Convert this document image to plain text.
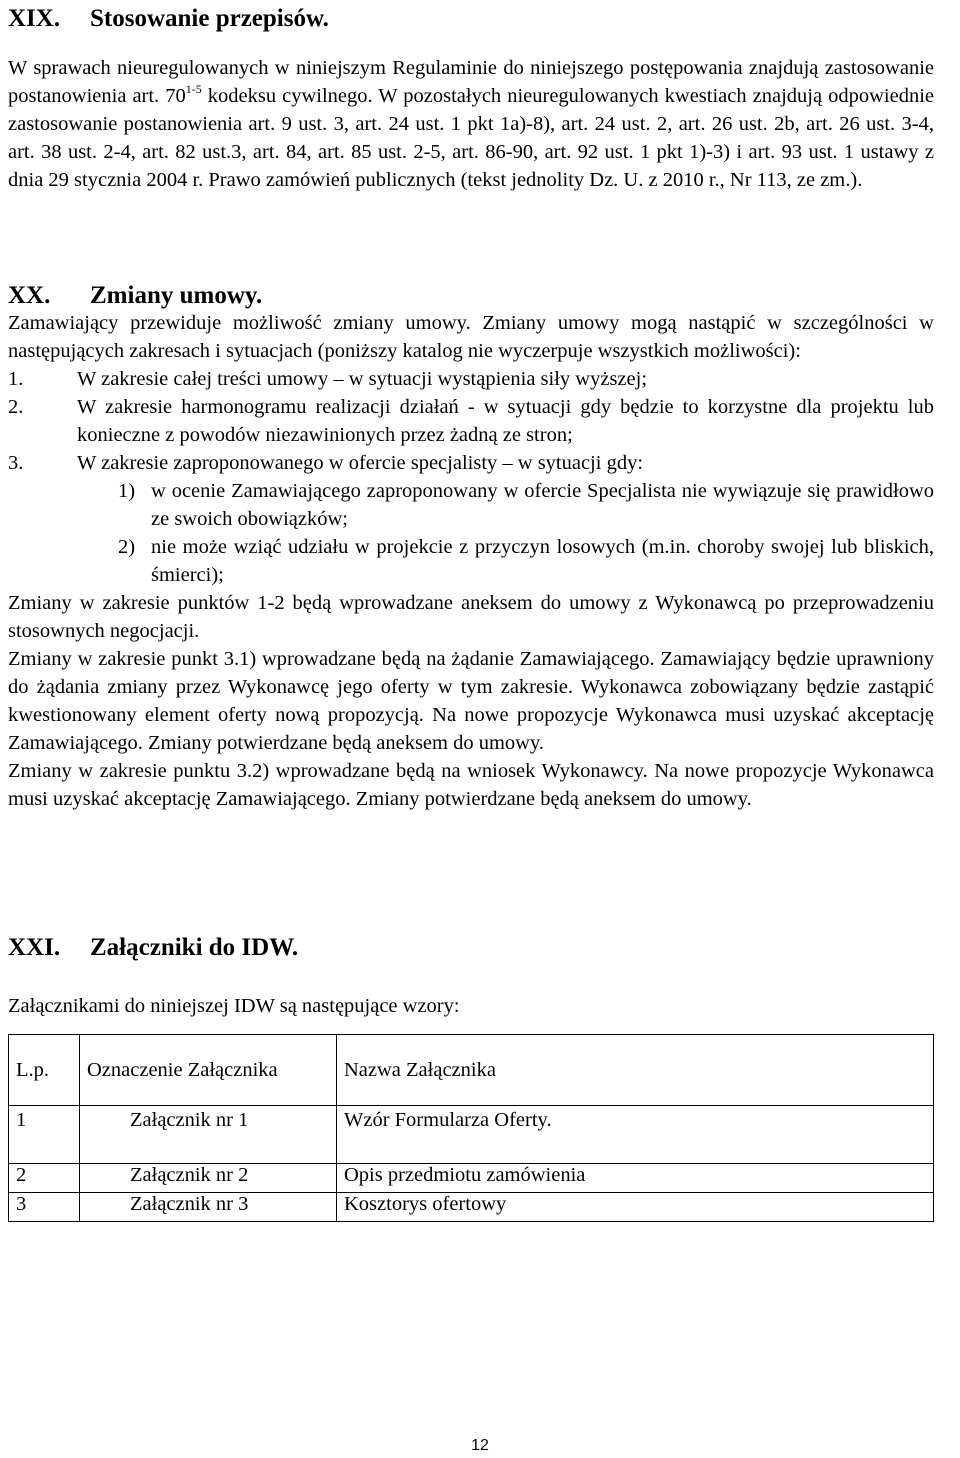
XIX. Stosowanie przepisów.

W sprawach nieuregulowanych w niniejszym Regulaminie do niniejszego postępowania znajdują zastosowanie postanowienia art. 70$^{1-5}$ kodeksu cywilnego. W pozostałych nieuregulowanych kwestiach znajdują odpowiednie zastosowanie postanowienia art. 9 ust. 3, art. 24 ust. 1 pkt 1a)-8), art. 24 ust. 2, art. 26 ust. 2b, art. 26 ust. 3-4, art. 38 ust. 2-4, art. 82 ust.3, art. 84, art. 85 ust. 2-5, art. 86-90, art. 92 ust. 1 pkt 1)-3) i art. 93 ust. 1 ustawy z dnia 29 stycznia 2004 r. Prawo zamówień publicznych (tekst jednolity Dz. U. z 2010 r., Nr 113, ze zm.).

XX. Zmiany umowy.

Zamawiający przewiduje możliwość zmiany umowy. Zmiany umowy mogą nastąpić w szczególności w następujących zakresach i sytuacjach (poniższy katalog nie wyczerpuje wszystkich możliwości):

1.	W zakresie całej treści umowy – w sytuacji wystąpienia siły wyższej;
2.	W zakresie harmonogramu realizacji działań - w sytuacji gdy będzie to korzystne dla projektu lub konieczne z powodów niezawinionych przez żadną ze stron;
3.	W zakresie zaproponowanego w ofercie specjalisty – w sytuacji gdy:
1) w ocenie Zamawiającego zaproponowany w ofercie Specjalista nie wywiązuje się prawidłowo ze swoich obowiązków;
2) nie może wziąć udziału w projekcie z przyczyn losowych (m.in. choroby swojej lub bliskich, śmierci);

Zmiany w zakresie punktów 1-2 będą wprowadzane aneksem do umowy z Wykonawcą po przeprowadzeniu stosownych negocjacji.

Zmiany w zakresie punkt 3.1) wprowadzane będą na żądanie Zamawiającego. Zamawiający będzie uprawniony do żądania zmiany przez Wykonawcę jego oferty w tym zakresie. Wykonawca zobowiązany będzie zastąpić kwestionowany element oferty nową propozycją. Na nowe propozycje Wykonawca musi uzyskać akceptację Zamawiającego. Zmiany potwierdzane będą aneksem do umowy.

Zmiany w zakresie punktu 3.2) wprowadzane będą na wniosek Wykonawcy. Na nowe propozycje Wykonawca musi uzyskać akceptację Zamawiającego. Zmiany potwierdzane będą aneksem do umowy.

XXI. Załączniki do IDW.

Załącznikami do niniejszej IDW są następujące wzory:

L.p.	Oznaczenie Załącznika	Nazwa Załącznika
1	Załącznik nr 1	Wzór Formularza Oferty.
2	Załącznik nr 2	Opis przedmiotu zamówienia
3	Załącznik nr 3	Kosztorys ofertowy
12
